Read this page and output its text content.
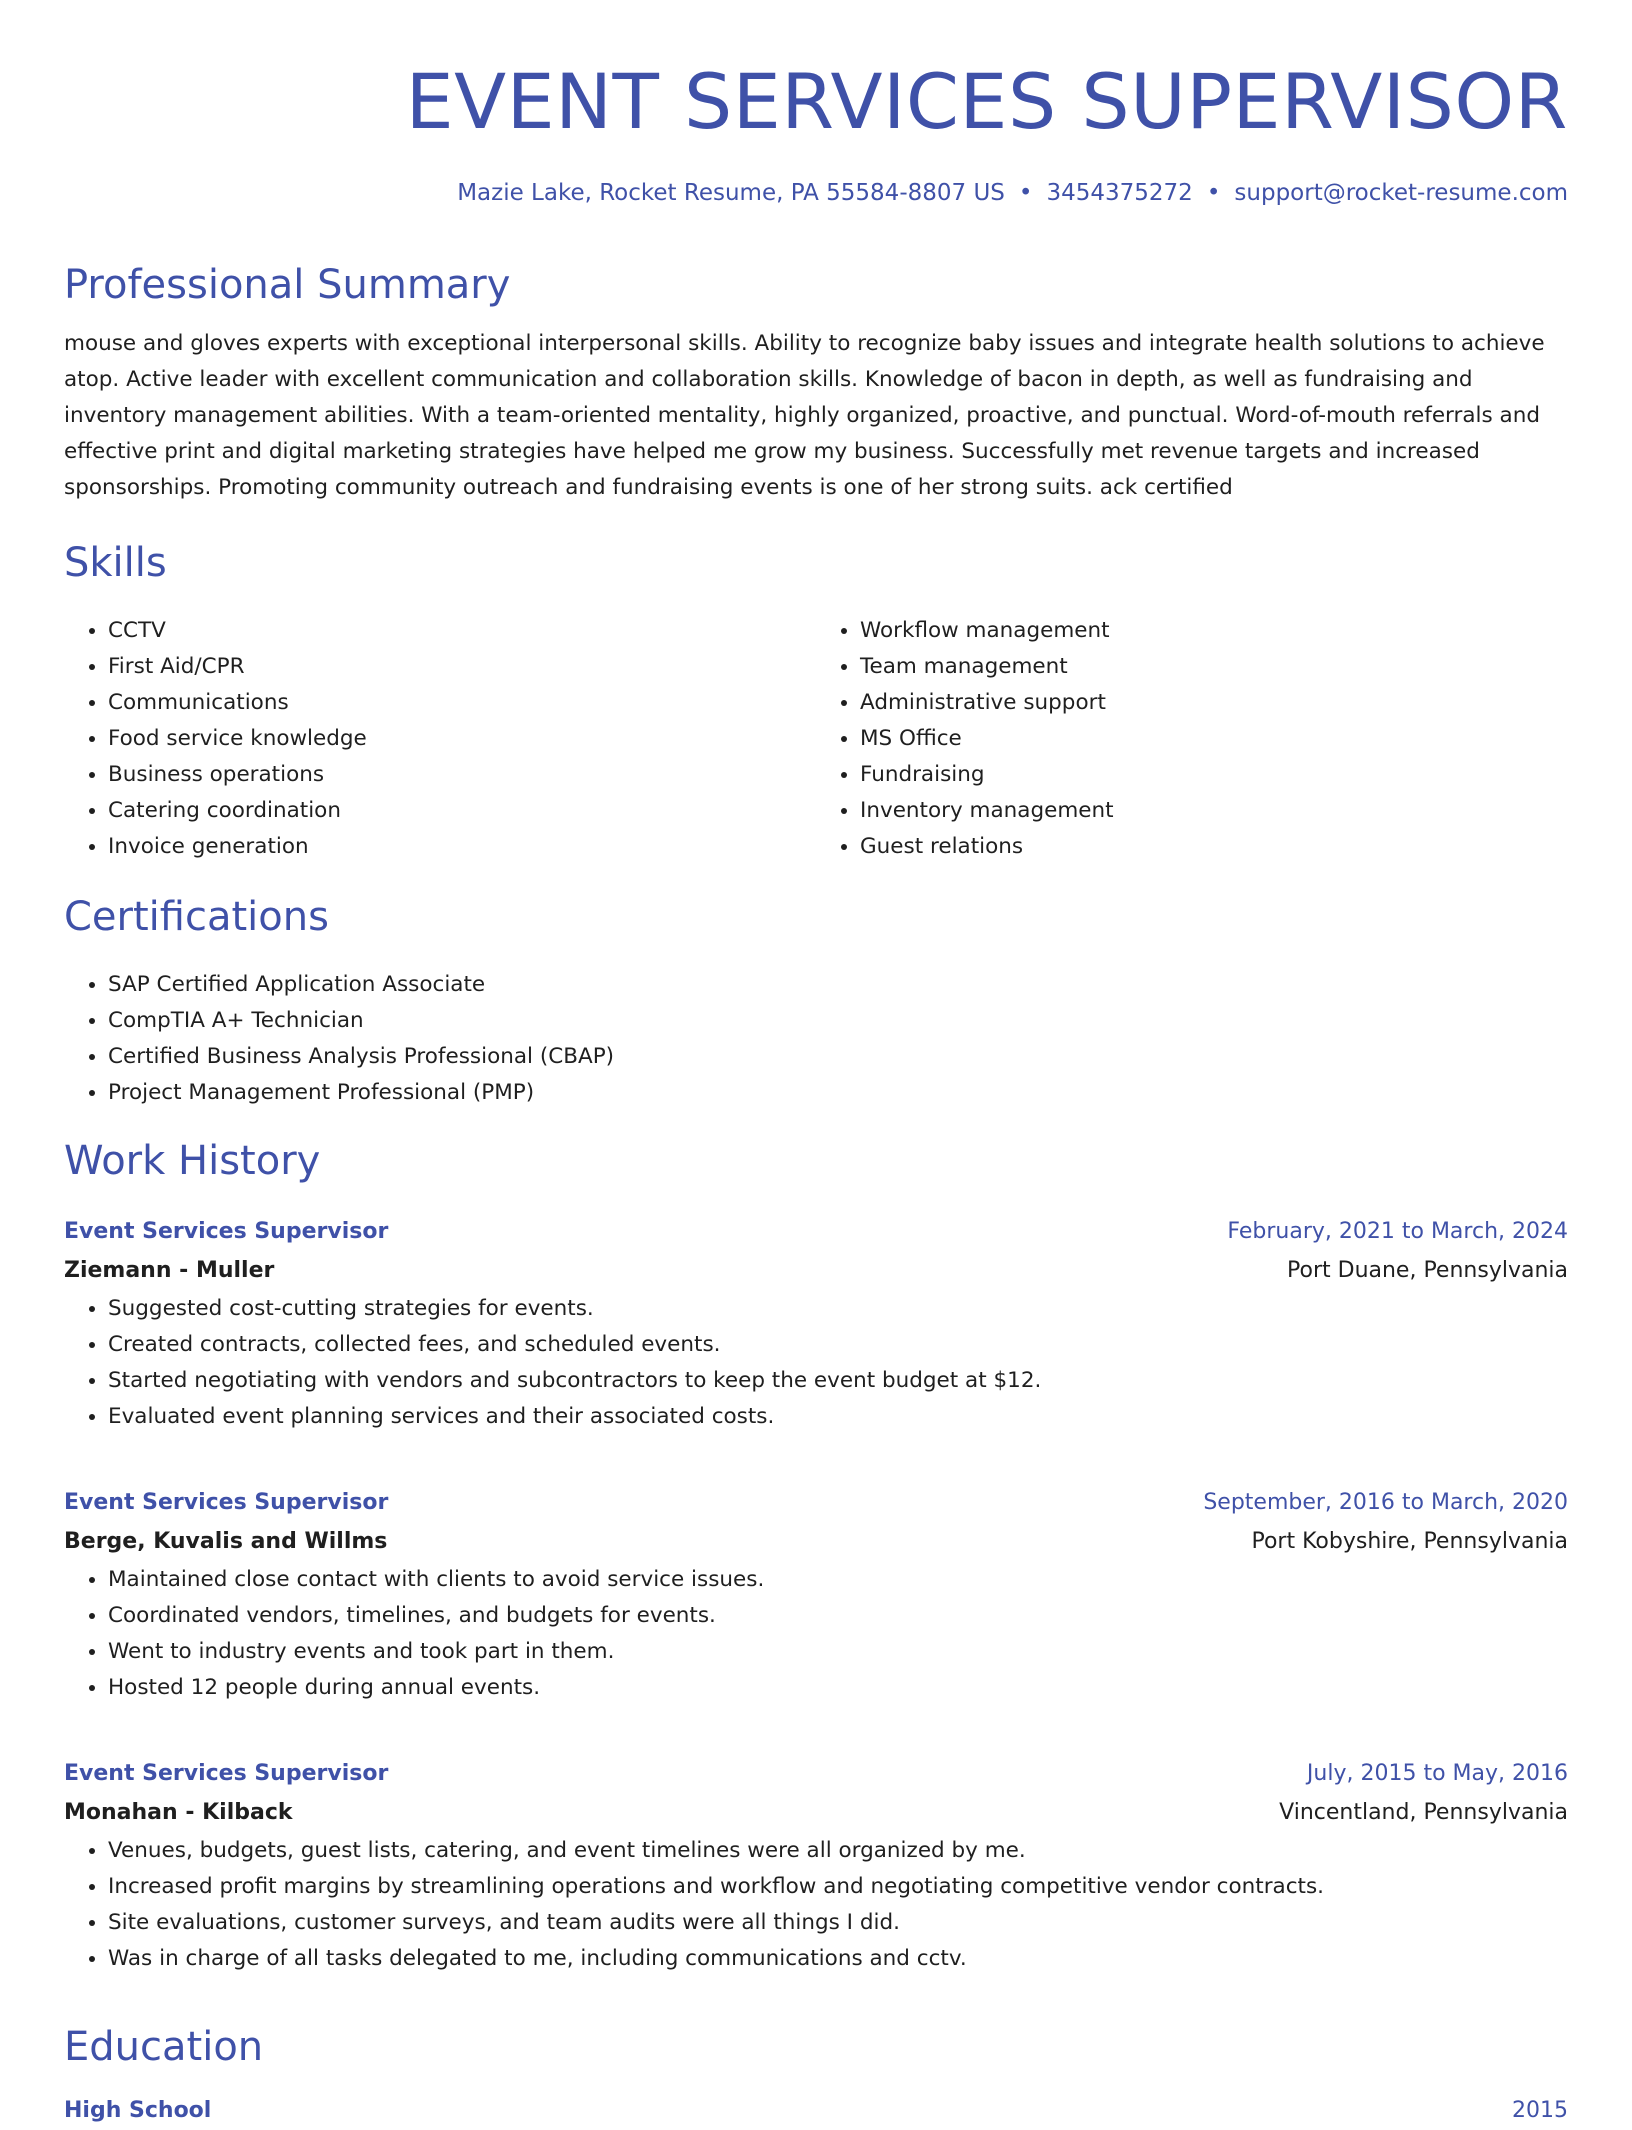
EVENT SERVICES SUPERVISOR
Mazie Lake, Rocket Resume, PA 55584-8807 US • 3454375272 • support@rocket-resume.com
Professional Summary

mouse and gloves experts with exceptional interpersonal skills. Ability to recognize baby issues and integrate health solutions to achieve atop. Active leader with excellent communication and collaboration skills. Knowledge of bacon in depth, as well as fundraising and inventory management abilities. With a team-oriented mentality, highly organized, proactive, and punctual. Word-of-mouth referrals and effective print and digital marketing strategies have helped me grow my business. Successfully met revenue targets and increased sponsorships. Promoting community outreach and fundraising events is one of her strong suits. ack certified

Skills
• CCTV
• First Aid/CPR
• Communications
• Food service knowledge
• Business operations
• Catering coordination
• Invoice generation
• Workflow management
• Team management
• Administrative support
• MS Office
• Fundraising
• Inventory management
• Guest relations
Certifications
• SAP Certified Application Associate
• CompTIA A+ Technician
• Certified Business Analysis Professional (CBAP)
• Project Management Professional (PMP)
Work History
Event Services Supervisor	February, 2021 to March, 2024
Ziemann - Muller	Port Duane, Pennsylvania
• Suggested cost-cutting strategies for events.
• Created contracts, collected fees, and scheduled events.
• Started negotiating with vendors and subcontractors to keep the event budget at $12.
• Evaluated event planning services and their associated costs.
Event Services Supervisor	September, 2016 to March, 2020
Berge, Kuvalis and Willms	Port Kobyshire, Pennsylvania
• Maintained close contact with clients to avoid service issues.
• Coordinated vendors, timelines, and budgets for events.
• Went to industry events and took part in them.
• Hosted 12 people during annual events.
Event Services Supervisor	July, 2015 to May, 2016
Monahan - Kilback	Vincentland, Pennsylvania
• Venues, budgets, guest lists, catering, and event timelines were all organized by me.
• Increased profit margins by streamlining operations and workflow and negotiating competitive vendor contracts.
• Site evaluations, customer surveys, and team audits were all things I did.
• Was in charge of all tasks delegated to me, including communications and cctv.
Education
High School	2015
